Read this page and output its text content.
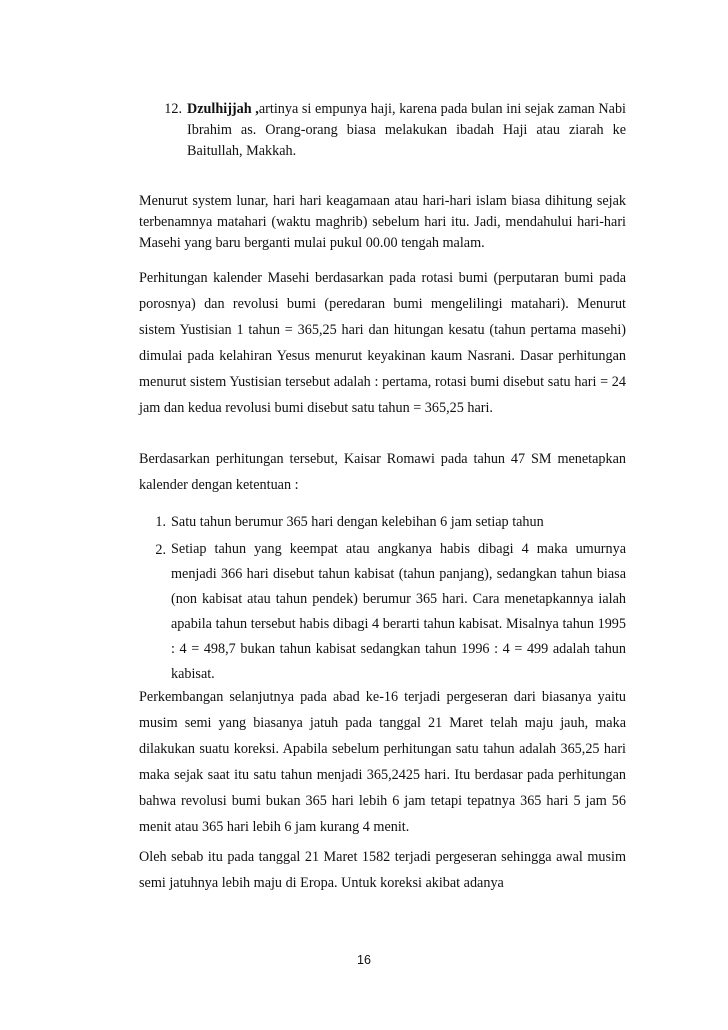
12. Dzulhijjah ,artinya si empunya haji, karena pada bulan ini sejak zaman Nabi Ibrahim as. Orang-orang biasa melakukan ibadah Haji atau ziarah ke Baitullah, Makkah.

Menurut system lunar, hari hari keagamaan atau hari-hari islam biasa dihitung sejak terbenamnya matahari (waktu maghrib) sebelum hari itu. Jadi, mendahului hari-hari Masehi yang baru berganti mulai pukul 00.00 tengah malam.

Perhitungan kalender Masehi berdasarkan pada rotasi bumi (perputaran bumi pada porosnya) dan revolusi bumi (peredaran bumi mengelilingi matahari). Menurut sistem Yustisian 1 tahun = 365,25 hari dan hitungan kesatu (tahun pertama masehi) dimulai pada kelahiran Yesus menurut keyakinan kaum Nasrani. Dasar perhitungan menurut sistem Yustisian tersebut adalah : pertama, rotasi bumi disebut satu hari = 24 jam dan kedua revolusi bumi disebut satu tahun = 365,25 hari.

Berdasarkan perhitungan tersebut, Kaisar Romawi pada tahun 47 SM menetapkan kalender dengan ketentuan :

1. Satu tahun berumur 365 hari dengan kelebihan 6 jam setiap tahun

2. Setiap tahun yang keempat atau angkanya habis dibagi 4 maka umurnya menjadi 366 hari disebut tahun kabisat (tahun panjang), sedangkan tahun biasa (non kabisat atau tahun pendek) berumur 365 hari. Cara menetapkannya ialah apabila tahun tersebut habis dibagi 4 berarti tahun kabisat. Misalnya tahun 1995 : 4 = 498,7 bukan tahun kabisat sedangkan tahun 1996 : 4 = 499 adalah tahun kabisat.

Perkembangan selanjutnya pada abad ke-16 terjadi pergeseran dari biasanya yaitu musim semi yang biasanya jatuh pada tanggal 21 Maret telah maju jauh, maka dilakukan suatu koreksi. Apabila sebelum perhitungan satu tahun adalah 365,25 hari maka sejak saat itu satu tahun menjadi 365,2425 hari. Itu berdasar pada perhitungan bahwa revolusi bumi bukan 365 hari lebih 6 jam tetapi tepatnya 365 hari 5 jam 56 menit atau 365 hari lebih 6 jam kurang 4 menit.

Oleh sebab itu pada tanggal 21 Maret 1582 terjadi pergeseran sehingga awal musim semi jatuhnya lebih maju di Eropa. Untuk koreksi akibat adanya

16
